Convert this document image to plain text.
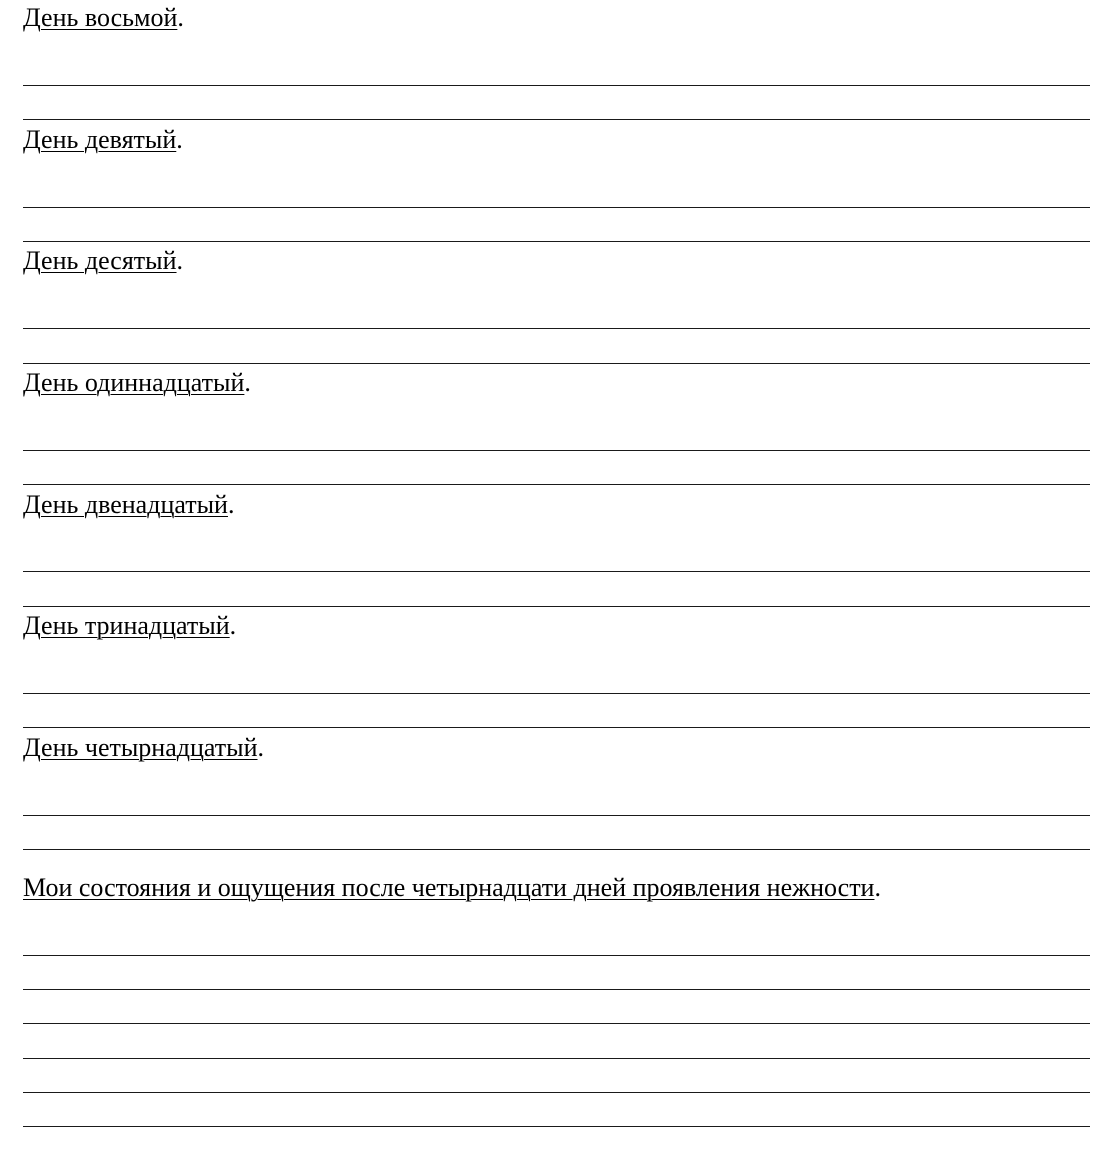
День восьмой.

День девятый.

День десятый.

День одиннадцатый.

День двенадцатый.

День тринадцатый.

День четырнадцатый.

Мои состояния и ощущения после четырнадцати дней проявления нежности.
